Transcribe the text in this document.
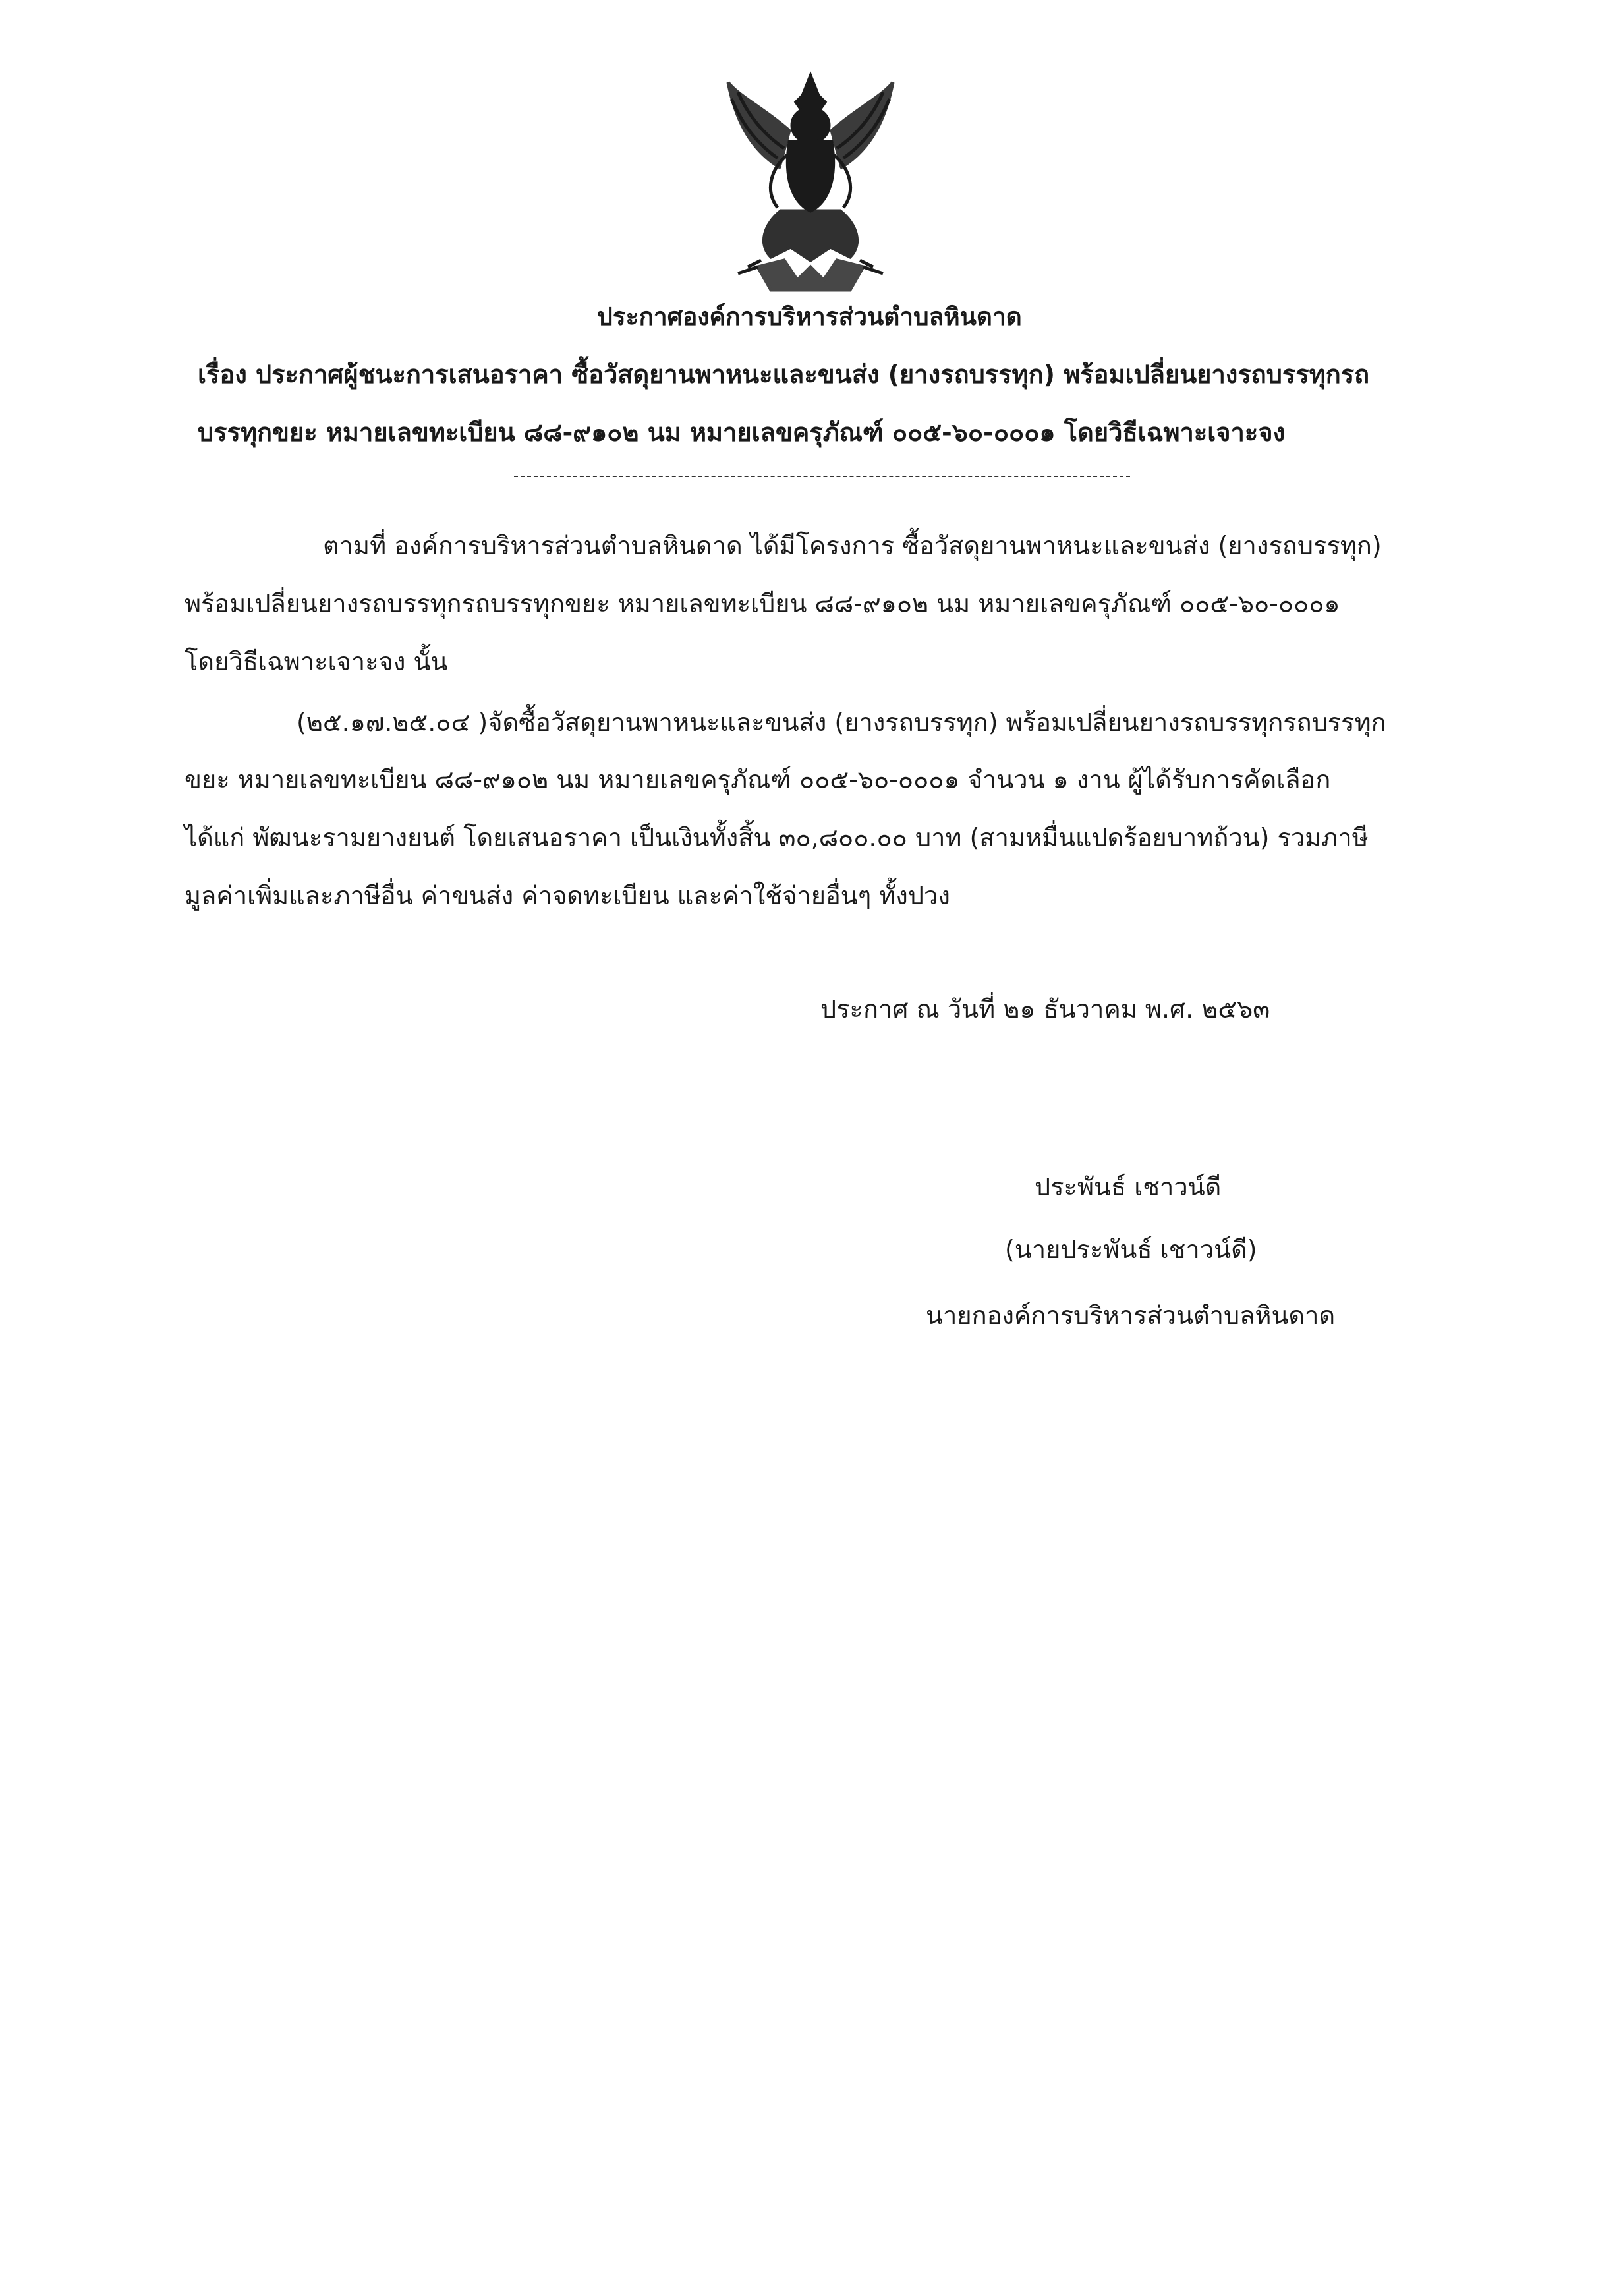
ประกาศองค์การบริหารส่วนตำบลหินดาด
เรื่อง ประกาศผู้ชนะการเสนอราคา ซื้อวัสดุยานพาหนะและขนส่ง (ยางรถบรรทุก) พร้อมเปลี่ยนยางรถบรรทุกรถ
บรรทุกขยะ หมายเลขทะเบียน ๘๘-๙๑๐๒ นม หมายเลขครุภัณฑ์ ๐๐๕-๖๐-๐๐๐๑ โดยวิธีเฉพาะเจาะจง
ตามที่ องค์การบริหารส่วนตำบลหินดาด ได้มีโครงการ ซื้อวัสดุยานพาหนะและขนส่ง (ยางรถบรรทุก)
พร้อมเปลี่ยนยางรถบรรทุกรถบรรทุกขยะ หมายเลขทะเบียน ๘๘-๙๑๐๒ นม หมายเลขครุภัณฑ์ ๐๐๕-๖๐-๐๐๐๑
โดยวิธีเฉพาะเจาะจง นั้น
(๒๕.๑๗.๒๕.๐๔ )จัดซื้อวัสดุยานพาหนะและขนส่ง (ยางรถบรรทุก) พร้อมเปลี่ยนยางรถบรรทุกรถบรรทุก
ขยะ หมายเลขทะเบียน ๘๘-๙๑๐๒ นม หมายเลขครุภัณฑ์ ๐๐๕-๖๐-๐๐๐๑ จำนวน ๑ งาน ผู้ได้รับการคัดเลือก
ได้แก่ พัฒนะรามยางยนต์ โดยเสนอราคา เป็นเงินทั้งสิ้น ๓๐,๘๐๐.๐๐ บาท (สามหมื่นแปดร้อยบาทถ้วน) รวมภาษี
มูลค่าเพิ่มและภาษีอื่น ค่าขนส่ง ค่าจดทะเบียน และค่าใช้จ่ายอื่นๆ ทั้งปวง
ประกาศ ณ วันที่ ๒๑ ธันวาคม พ.ศ. ๒๕๖๓
ประพันธ์ เชาวน์ดี
(นายประพันธ์ เชาวน์ดี)
นายกองค์การบริหารส่วนตำบลหินดาด
